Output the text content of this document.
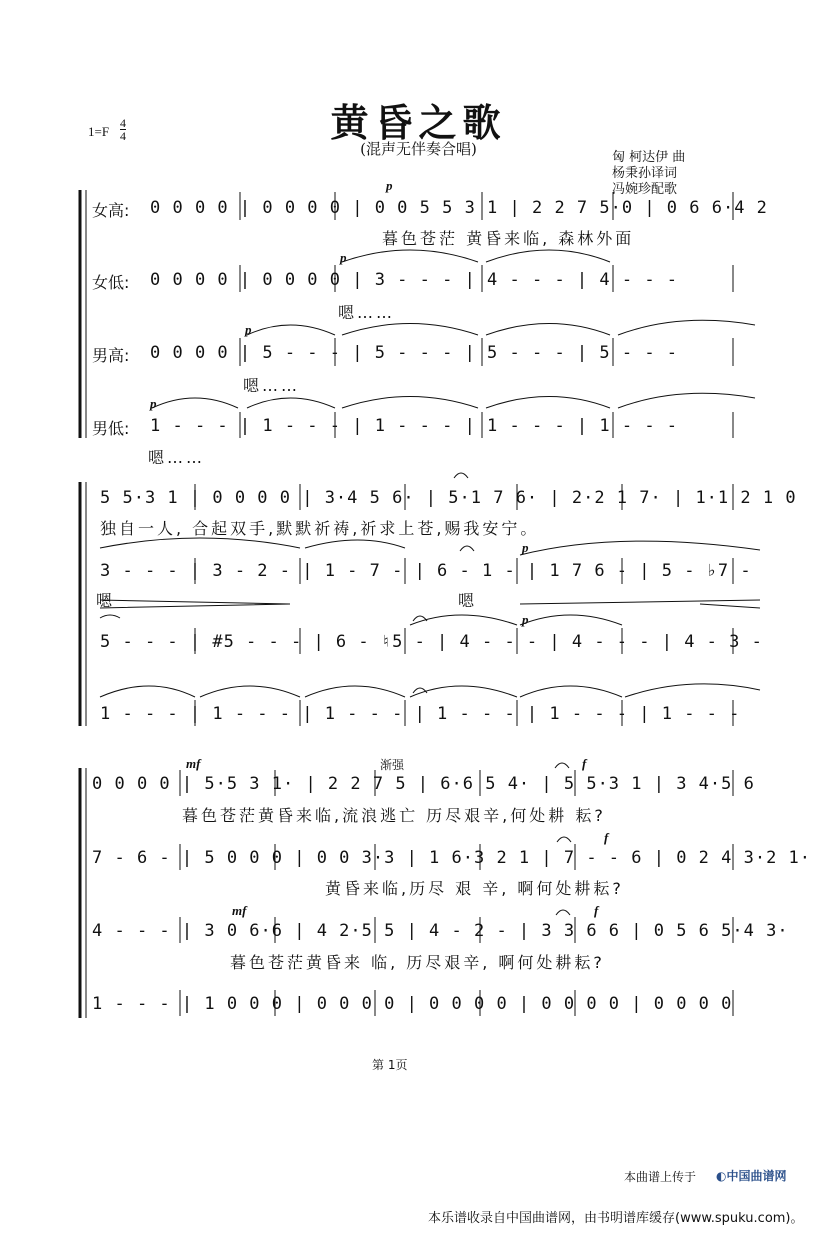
黄昏之歌
(混声无伴奏合唱)
1=F
4
4
匈 柯达伊 曲
杨秉孙译词
冯婉珍配歌
女高: 0 0 0 0 | 0 0 0 0 | 0 0 5 5 3 1 | 2 2 7 5·0 | 0 6 6·4 2
暮色苍茫 黄昏来临, 森林外面
p
女低: 0 0 0 0 | 0 0 0 0 | 3 - - - | 4 - - - | 4 - - -
嗯……
p
男高: 0 0 0 0 | 5 - - - | 5 - - - | 5 - - - | 5 - - -
嗯……
p
男低: 1 - - - | 1 - - - | 1 - - - | 1 - - - | 1 - - -
嗯……
p
5 5·3 1 | 0 0 0 0 | 3·4 5 6· | 5·1 7 6· | 2·2 1 7· | 1·1 2 1 0
独自一人, 合起双手,默默祈祷,祈求上苍,赐我安宁。
3 - - - | 3 - 2 - | 1 - 7 - | 6 - 1 - | 1 7 6 - | 5 - ♭7 -
嗯	嗯
p
5 - - - | #5 - - - | 6 - ♮5 - | 4 - - - | 4 - - - | 4 - 3 -
p
1 - - - | 1 - - - | 1 - - - | 1 - - - | 1 - - - | 1 - - -
渐强
mf	f
0 0 0 0 | 5·5 3 1· | 2 2 7 5 | 6·6 5 4· | 5 5·3 1 | 3 4·5 6
暮色苍茫黄昏来临,流浪逃亡 历尽艰辛,何处耕 耘?
f
7 - 6 - | 5 0 0 0 | 0 0 3·3 | 1 6·3 2 1 | 7 - - 6 | 0 2 4 3·2 1·
黄昏来临,历尽 艰 辛, 啊何处耕耘?
mf	f
4 - - - | 3 0 6·6 | 4 2·5 5 | 4 - 2 - | 3 3 6 6 | 0 5 6 5·4 3·
暮色苍茫黄昏来 临, 历尽艰辛, 啊何处耕耘?
1 - - - | 1 0 0 0 | 0 0 0 0 | 0 0 0 0 | 0 0 0 0 | 0 0 0 0
第 1页
本曲谱上传于 ◐中国曲谱网
本乐谱收录自中国曲谱网，由书明谱库缓存(www.spuku.com)。
